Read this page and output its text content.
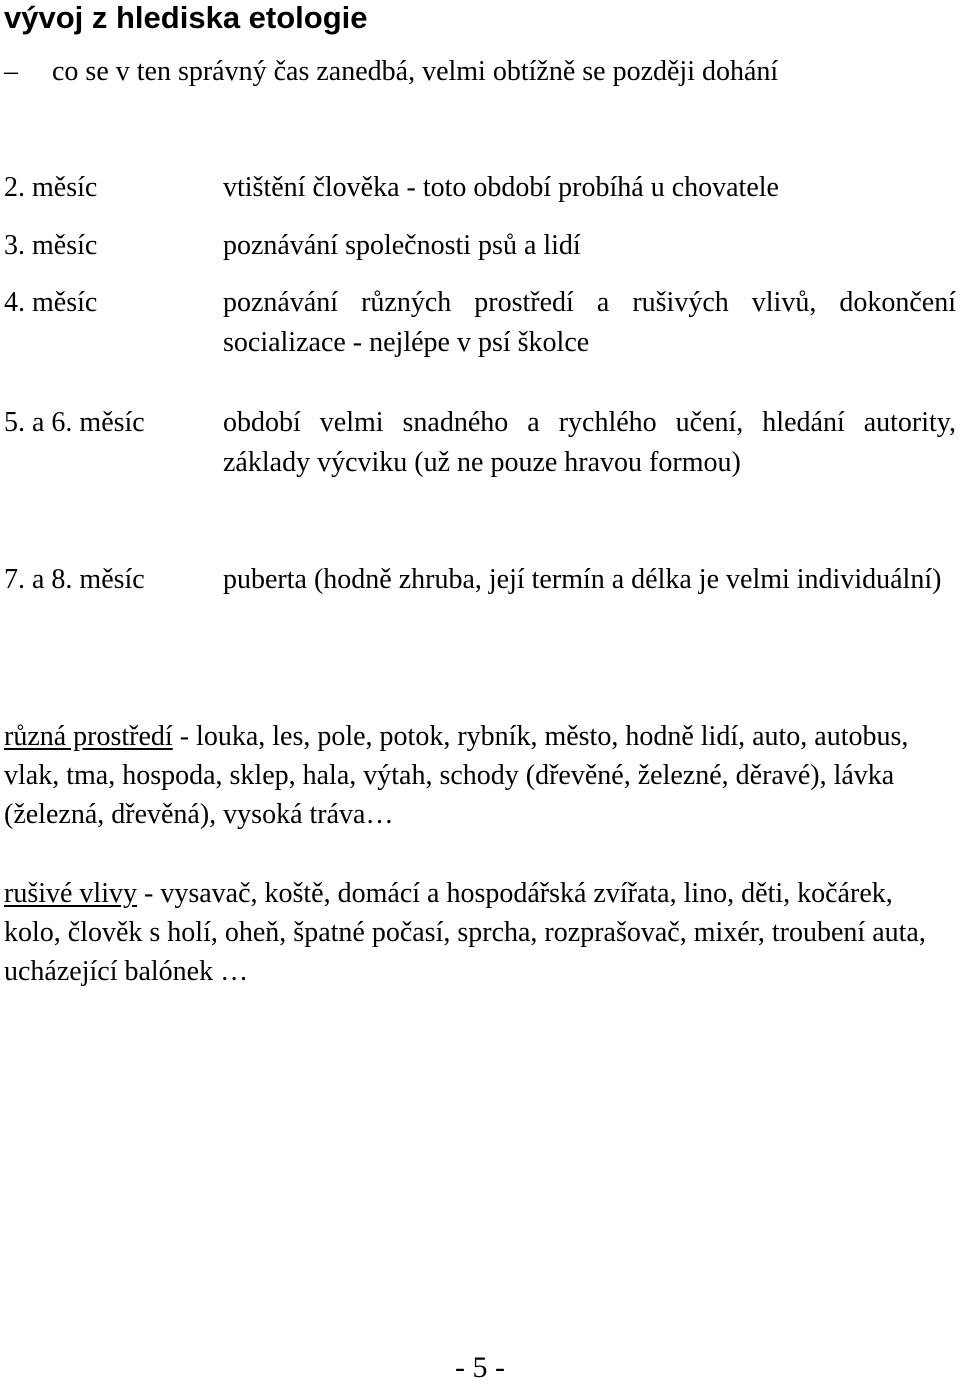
vývoj z hlediska etologie
– co se v ten správný čas zanedbá, velmi obtížně se později dohání
2. měsíc	vtištění člověka - toto období probíhá u chovatele
3. měsíc	poznávání společnosti psů a lidí
4. měsíc	poznávání různých prostředí a rušivých vlivů, dokončení socializace - nejlépe v psí školce
5. a 6. měsíc	období velmi snadného a rychlého učení, hledání autority, základy výcviku (už ne pouze hravou formou)
7. a 8. měsíc	puberta (hodně zhruba, její termín a délka je velmi individuální)
různá prostředí - louka, les, pole, potok, rybník, město, hodně lidí, auto, autobus, vlak, tma, hospoda, sklep, hala, výtah, schody (dřevěné, železné, děravé), lávka (železná, dřevěná), vysoká tráva…
rušivé vlivy - vysavač, koště, domácí a hospodářská zvířata, lino, děti, kočárek, kolo, člověk s holí, oheň, špatné počasí, sprcha, rozprašovač, mixér, troubení auta, ucházející balónek …
- 5 -
